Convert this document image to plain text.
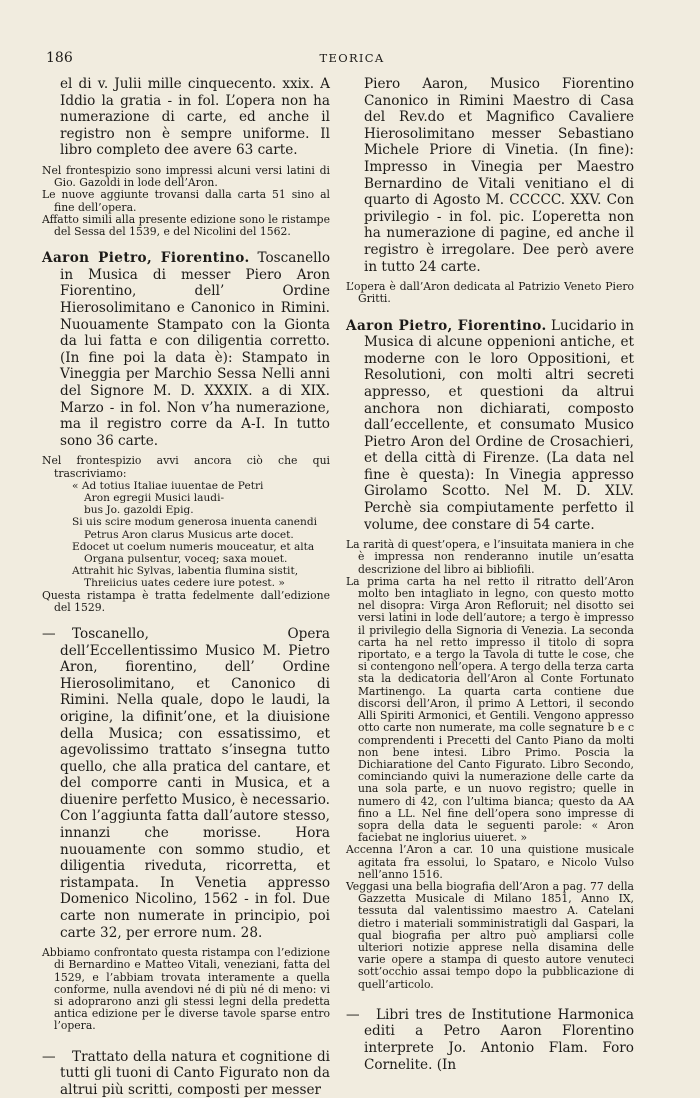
186	TEORICA

el di v. Julii mille cinquecento. xxix. A Iddio la gratia - in fol. L’opera non ha numerazione di carte, ed anche il registro non è sempre uniforme. Il libro completo dee avere 63 carte.

Nel frontespizio sono impressi alcuni versi latini di Gio. Gazoldi in lode dell’Aron.

Le nuove aggiunte trovansi dalla carta 51 sino al fine dell’opera.

Affatto simili alla presente edizione sono le ristampe del Sessa del 1539, e del Nicolini del 1562.

Aaron Pietro, Fiorentino. Toscanello in Musica di messer Piero Aron Fiorentino, dell’ Ordine Hierosolimitano e Canonico in Rimini. Nuouamente Stampato con la Gionta da lui fatta e con diligentia corretto. (In fine poi la data è): Stampato in Vineggia per Marchio Sessa Nelli anni del Signore M. D. XXXIX. a di XIX. Marzo - in fol. Non v’ha numerazione, ma il registro corre da A-I. In tutto sono 36 carte.

Nel frontespizio avvi ancora ciò che qui trascriviamo:

« Ad totius Italiae iuuentae de Petri
Aron egregii Musici laudi-
bus Jo. gazoldi Epig.
Si uis scire modum generosa inuenta canendi
Petrus Aron clarus Musicus arte docet.
Edocet ut coelum numeris mouceatur, et alta
Organa pulsentur, voceq; saxa mouet.
Attrahit hic Sylvas, labentia flumina sistit,
Threiicius uates cedere iure potest. »

Questa ristampa è tratta fedelmente dall’edizione del 1529.

— Toscanello, Opera dell’Eccellentissimo Musico M. Pietro Aron, fiorentino, dell’ Ordine Hierosolimitano, et Canonico di Rimini. Nella quale, dopo le laudi, la origine, la difinit’one, et la diuisione della Musica; con essatissimo, et agevolissimo trattato s’insegna tutto quello, che alla pratica del cantare, et del comporre canti in Musica, et a diuenire perfetto Musico, è necessario. Con l’aggiunta fatta dall’autore stesso, innanzi che morisse. Hora nuouamente con sommo studio, et diligentia riveduta, ricorretta, et ristampata. In Venetia appresso Domenico Nicolino, 1562 - in fol. Due carte non numerate in principio, poi carte 32, per errore num. 28.

Abbiamo confrontato questa ristampa con l’edizione di Bernardino e Matteo Vitali, veneziani, fatta del 1529, e l’abbiam trovata interamente a quella conforme, nulla avendovi né di più né di meno: vi si adoprarono anzi gli stessi legni della predetta antica edizione per le diverse tavole sparse entro l’opera.

— Trattato della natura et cognitione di tutti gli tuoni di Canto Figurato non da altrui più scritti, composti per messer

Piero Aaron, Musico Fiorentino Canonico in Rimini Maestro di Casa del Rev.do et Magnifico Cavaliere Hierosolimitano messer Sebastiano Michele Priore di Vinetia. (In fine): Impresso in Vinegia per Maestro Bernardino de Vitali venitiano el di quarto di Agosto M. CCCCC. XXV. Con privilegio - in fol. pic. L’operetta non ha numerazione di pagine, ed anche il registro è irregolare. Dee però avere in tutto 24 carte.

L’opera è dall’Aron dedicata al Patrizio Veneto Piero Gritti.

Aaron Pietro, Fiorentino. Lucidario in Musica di alcune oppenioni antiche, et moderne con le loro Oppositioni, et Resolutioni, con molti altri secreti appresso, et questioni da altrui anchora non dichiarati, composto dall’eccellente, et consumato Musico Pietro Aron del Ordine de Crosachieri, et della città di Firenze. (La data nel fine è questa): In Vinegia appresso Girolamo Scotto. Nel M. D. XLV. Perchè sia compiutamente perfetto il volume, dee constare di 54 carte.

La rarità di quest’opera, e l’insuitata maniera in che è impressa non renderanno inutile un’esatta descrizione del libro ai bibliofili.

La prima carta ha nel retto il ritratto dell’Aron molto ben intagliato in legno, con questo motto nel disopra: Virga Aron Refloruit; nel disotto sei versi latini in lode dell’autore; a tergo è impresso il privilegio della Signoria di Venezia. La seconda carta ha nel retto impresso il titolo di sopra riportato, e a tergo la Tavola di tutte le cose, che si contengono nell’opera. A tergo della terza carta sta la dedicatoria dell’Aron al Conte Fortunato Martinengo. La quarta carta contiene due discorsi dell’Aron, il primo A Lettori, il secondo Alli Spiriti Armonici, et Gentili. Vengono appresso otto carte non numerate, ma colle segnature b e c comprendenti i Precetti del Canto Piano da molti non bene intesi. Libro Primo. Poscia la Dichiaratione del Canto Figurato. Libro Secondo, cominciando quivi la numerazione delle carte da una sola parte, e un nuovo registro; quelle in numero di 42, con l’ultima bianca; questo da AA fino a LL. Nel fine dell’opera sono impresse di sopra della data le seguenti parole: « Aron faciebat ne inglorius uiueret. »

Accenna l’Aron a car. 10 una quistione musicale agitata fra essolui, lo Spataro, e Nicolo Vulso nell’anno 1516.

Veggasi una bella biografia dell’Aron a pag. 77 della Gazzetta Musicale di Milano 1851, Anno IX, tessuta dal valentissimo maestro A. Catelani dietro i materiali somministratigli dal Gaspari, la qual biografia per altro può ampliarsi colle ulteriori notizie apprese nella disamina delle varie opere a stampa di questo autore venuteci sott’occhio assai tempo dopo la pubblicazione di quell’articolo.

— Libri tres de Institutione Harmonica editi a Petro Aaron Florentino interprete Jo. Antonio Flam. Foro Cornelite. (In
